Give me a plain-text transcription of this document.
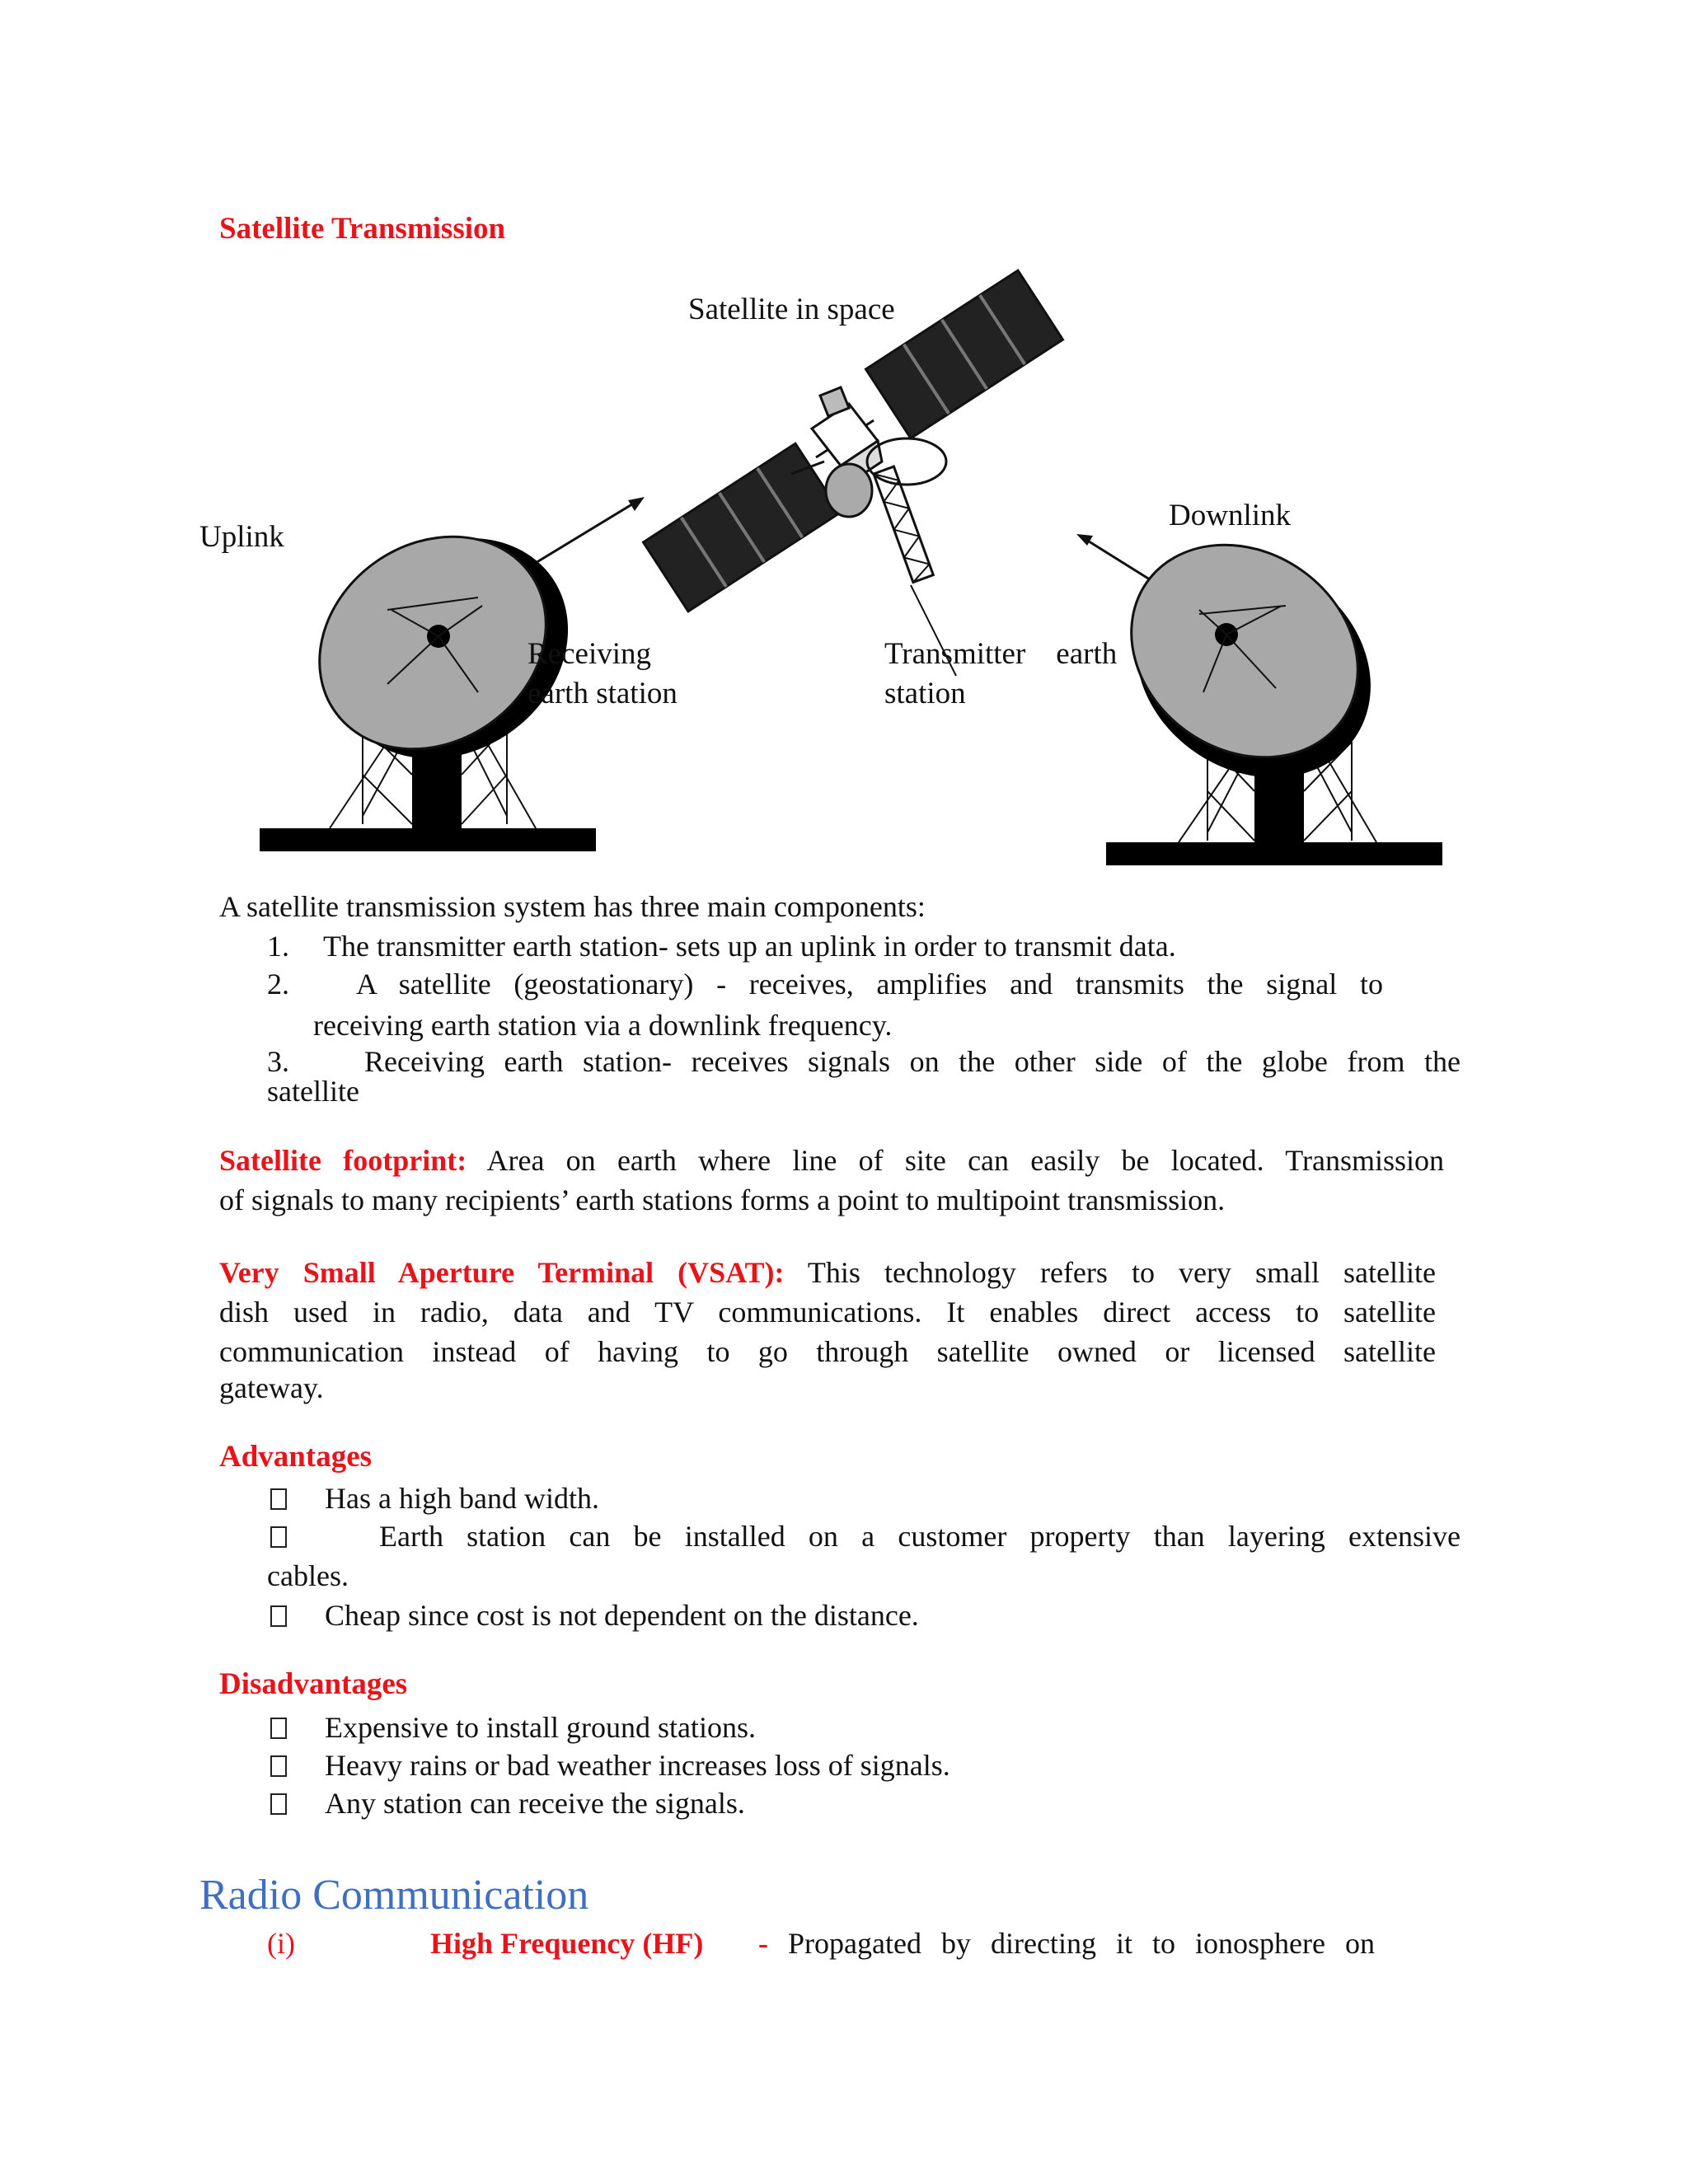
Satellite Transmission
Satellite in space
Uplink
Downlink
Receiving
earth station
Transmitter    earth
station
A satellite transmission system has three main components:
1. The transmitter earth station- sets up an uplink in order to transmit data.
2. A satellite (geostationary) - receives, amplifies and transmits the signal to
receiving earth station via a downlink frequency.
3.	Receiving earth station- receives signals on the other side of the globe from the
satellite
Satellite footprint: Area on earth where line of site can easily be located. Transmission
of signals to many recipients’ earth stations forms a point to multipoint transmission.
Very Small Aperture Terminal (VSAT): This technology refers to very small satellite
dish used in radio, data and TV communications. It enables direct access to satellite
communication instead of having to go through satellite owned or licensed satellite
gateway.
Advantages
Has a high band width.
Earth station can be installed on a customer property than layering extensive
cables.
Cheap since cost is not dependent on the distance.
Disadvantages
Expensive to install ground stations.
Heavy rains or bad weather increases loss of signals.
Any station can receive the signals.
Radio Communication
(i)	High Frequency (HF) - Propagated by directing it to ionosphere on
